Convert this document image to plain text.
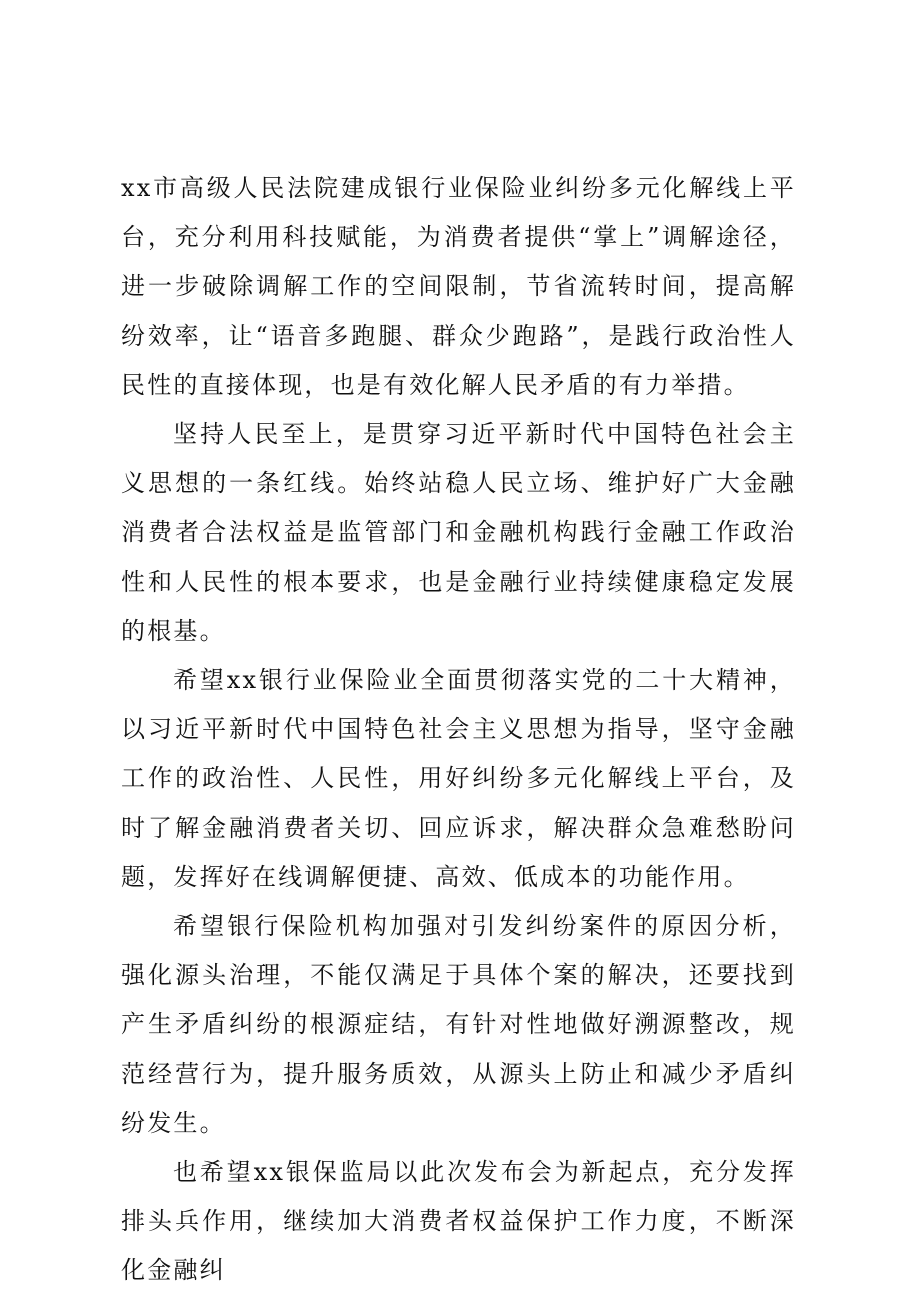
xx市高级人民法院建成银行业保险业纠纷多元化解线上平台，充分利用科技赋能，为消费者提供“掌上”调解途径，进一步破除调解工作的空间限制，节省流转时间，提高解纷效率，让“语音多跑腿、群众少跑路”，是践行政治性人民性的直接体现，也是有效化解人民矛盾的有力举措。

坚持人民至上，是贯穿习近平新时代中国特色社会主义思想的一条红线。始终站稳人民立场、维护好广大金融消费者合法权益是监管部门和金融机构践行金融工作政治性和人民性的根本要求，也是金融行业持续健康稳定发展的根基。

希望xx银行业保险业全面贯彻落实党的二十大精神，以习近平新时代中国特色社会主义思想为指导，坚守金融工作的政治性、人民性，用好纠纷多元化解线上平台，及时了解金融消费者关切、回应诉求，解决群众急难愁盼问题，发挥好在线调解便捷、高效、低成本的功能作用。

希望银行保险机构加强对引发纠纷案件的原因分析，强化源头治理，不能仅满足于具体个案的解决，还要找到产生矛盾纠纷的根源症结，有针对性地做好溯源整改，规范经营行为，提升服务质效，从源头上防止和减少矛盾纠纷发生。

也希望xx银保监局以此次发布会为新起点，充分发挥排头兵作用，继续加大消费者权益保护工作力度，不断深化金融纠
